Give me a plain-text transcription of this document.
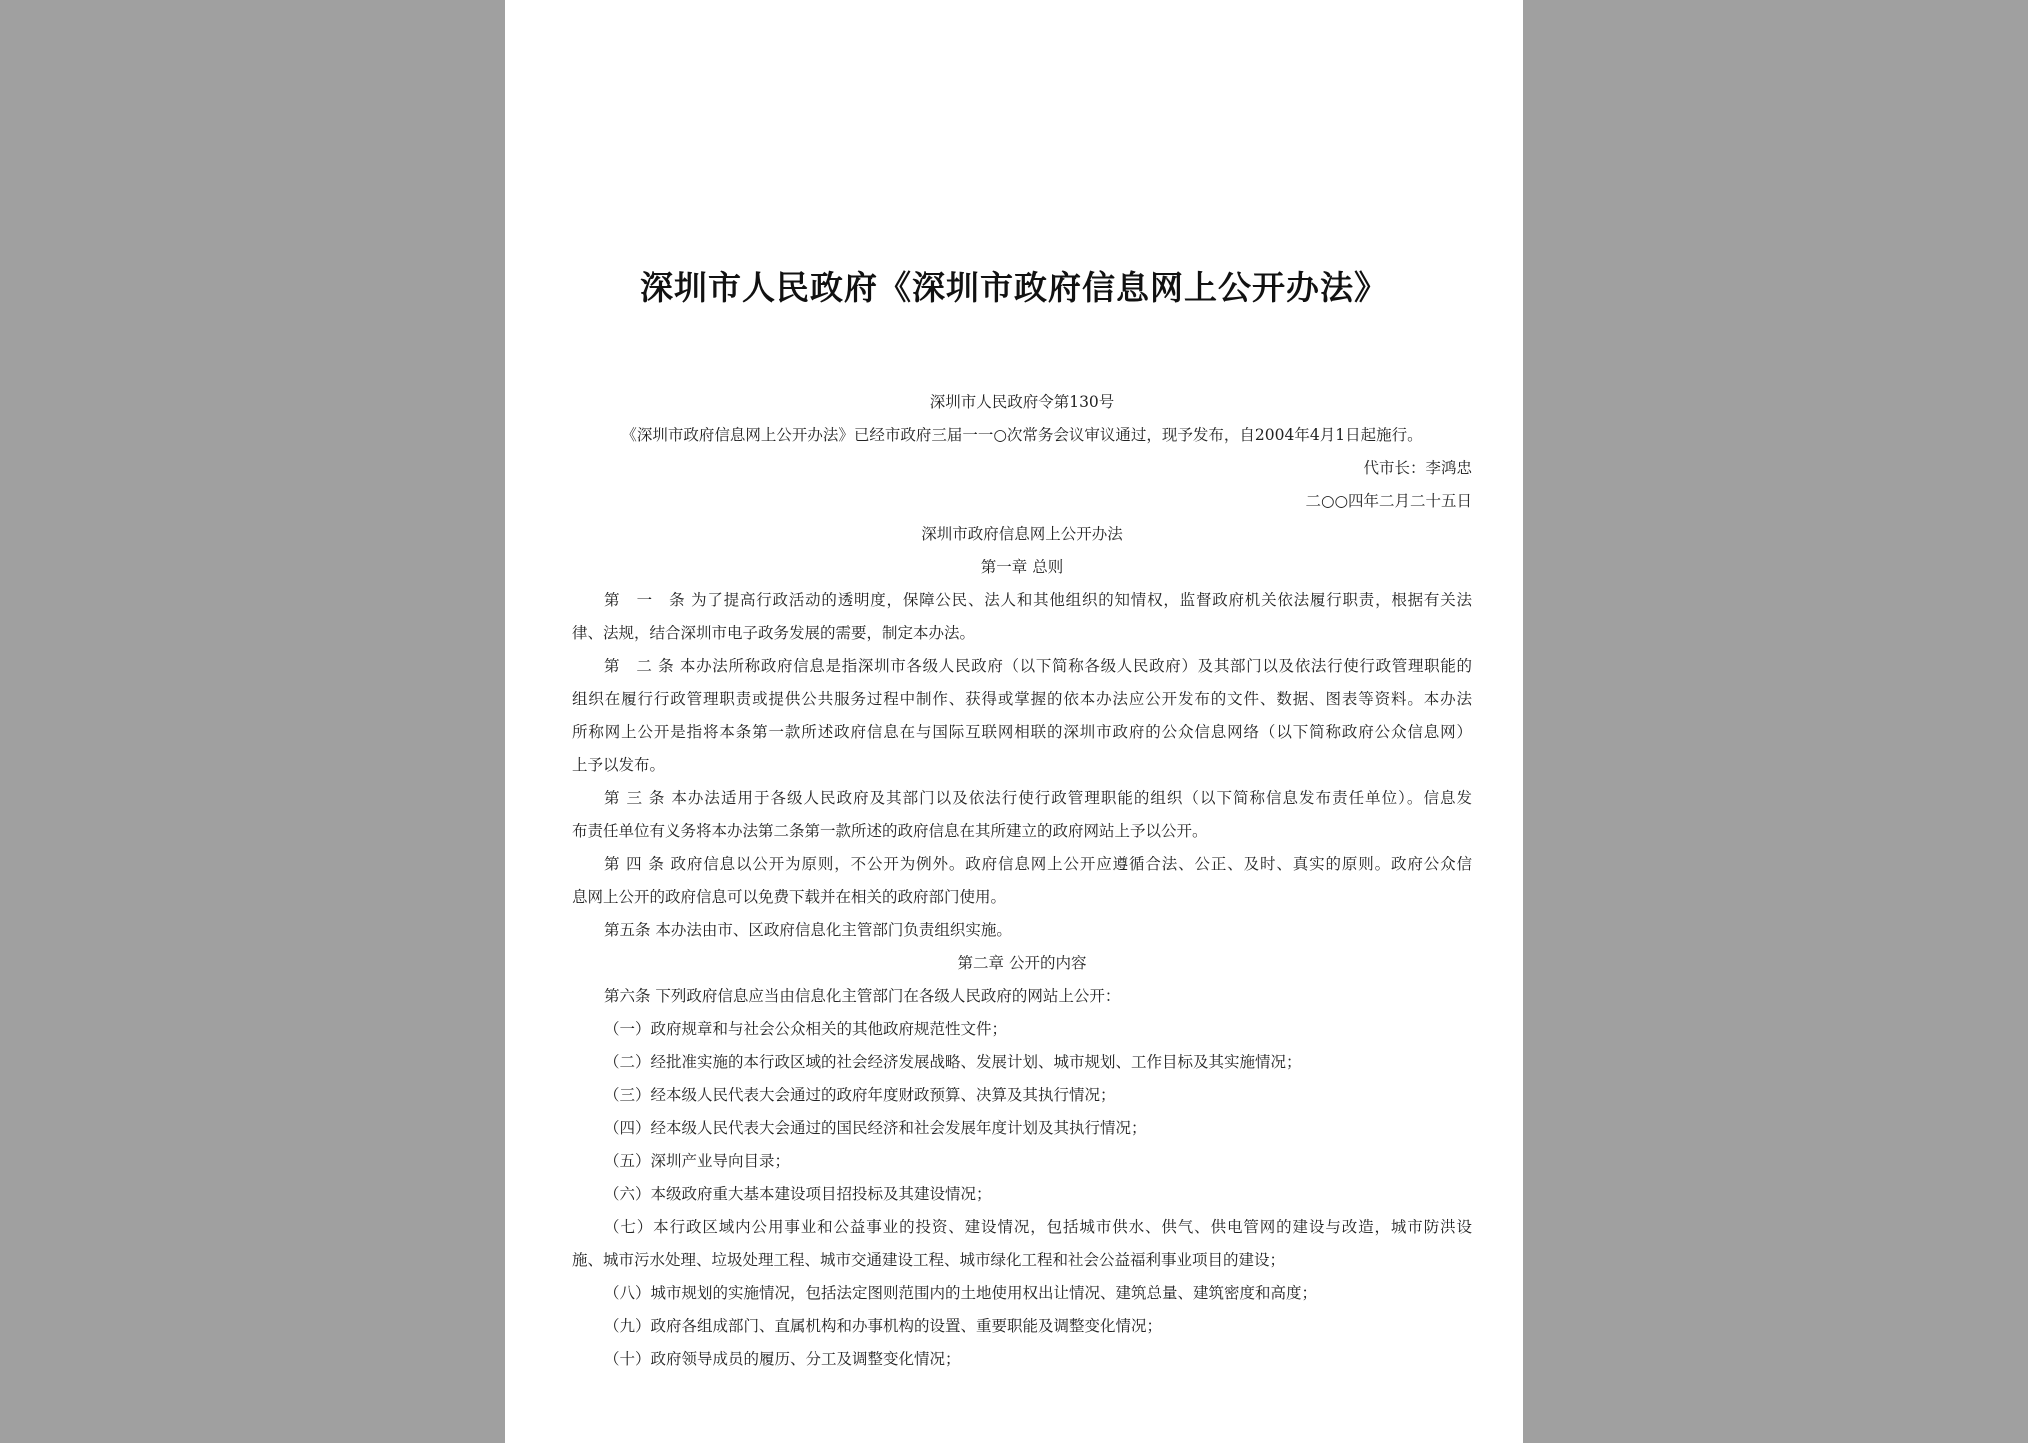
深圳市人民政府《深圳市政府信息网上公开办法》
深圳市人民政府令第130号
《深圳市政府信息网上公开办法》已经市政府三届一一○次常务会议审议通过，现予发布，自2004年4月1日起施行。
代市长：李鸿忠
二○○四年二月二十五日
深圳市政府信息网上公开办法
第一章 总则
第　一　条 为了提高行政活动的透明度，保障公民、法人和其他组织的知情权，监督政府机关依法履行职责，根据有关法
律、法规，结合深圳市电子政务发展的需要，制定本办法。
第　二 条 本办法所称政府信息是指深圳市各级人民政府（以下简称各级人民政府）及其部门以及依法行使行政管理职能的
组织在履行行政管理职责或提供公共服务过程中制作、获得或掌握的依本办法应公开发布的文件、数据、图表等资料。本办法
所称网上公开是指将本条第一款所述政府信息在与国际互联网相联的深圳市政府的公众信息网络（以下简称政府公众信息网）
上予以发布。
第 三 条 本办法适用于各级人民政府及其部门以及依法行使行政管理职能的组织（以下简称信息发布责任单位）。信息发
布责任单位有义务将本办法第二条第一款所述的政府信息在其所建立的政府网站上予以公开。
第 四 条 政府信息以公开为原则，不公开为例外。政府信息网上公开应遵循合法、公正、及时、真实的原则。政府公众信
息网上公开的政府信息可以免费下载并在相关的政府部门使用。
第五条 本办法由市、区政府信息化主管部门负责组织实施。
第二章 公开的内容
第六条 下列政府信息应当由信息化主管部门在各级人民政府的网站上公开：
（一）政府规章和与社会公众相关的其他政府规范性文件；
（二）经批准实施的本行政区域的社会经济发展战略、发展计划、城市规划、工作目标及其实施情况；
（三）经本级人民代表大会通过的政府年度财政预算、决算及其执行情况；
（四）经本级人民代表大会通过的国民经济和社会发展年度计划及其执行情况；
（五）深圳产业导向目录；
（六）本级政府重大基本建设项目招投标及其建设情况；
（七）本行政区域内公用事业和公益事业的投资、建设情况，包括城市供水、供气、供电管网的建设与改造，城市防洪设
施、城市污水处理、垃圾处理工程、城市交通建设工程、城市绿化工程和社会公益福利事业项目的建设；
（八）城市规划的实施情况，包括法定图则范围内的土地使用权出让情况、建筑总量、建筑密度和高度；
（九）政府各组成部门、直属机构和办事机构的设置、重要职能及调整变化情况；
（十）政府领导成员的履历、分工及调整变化情况；
